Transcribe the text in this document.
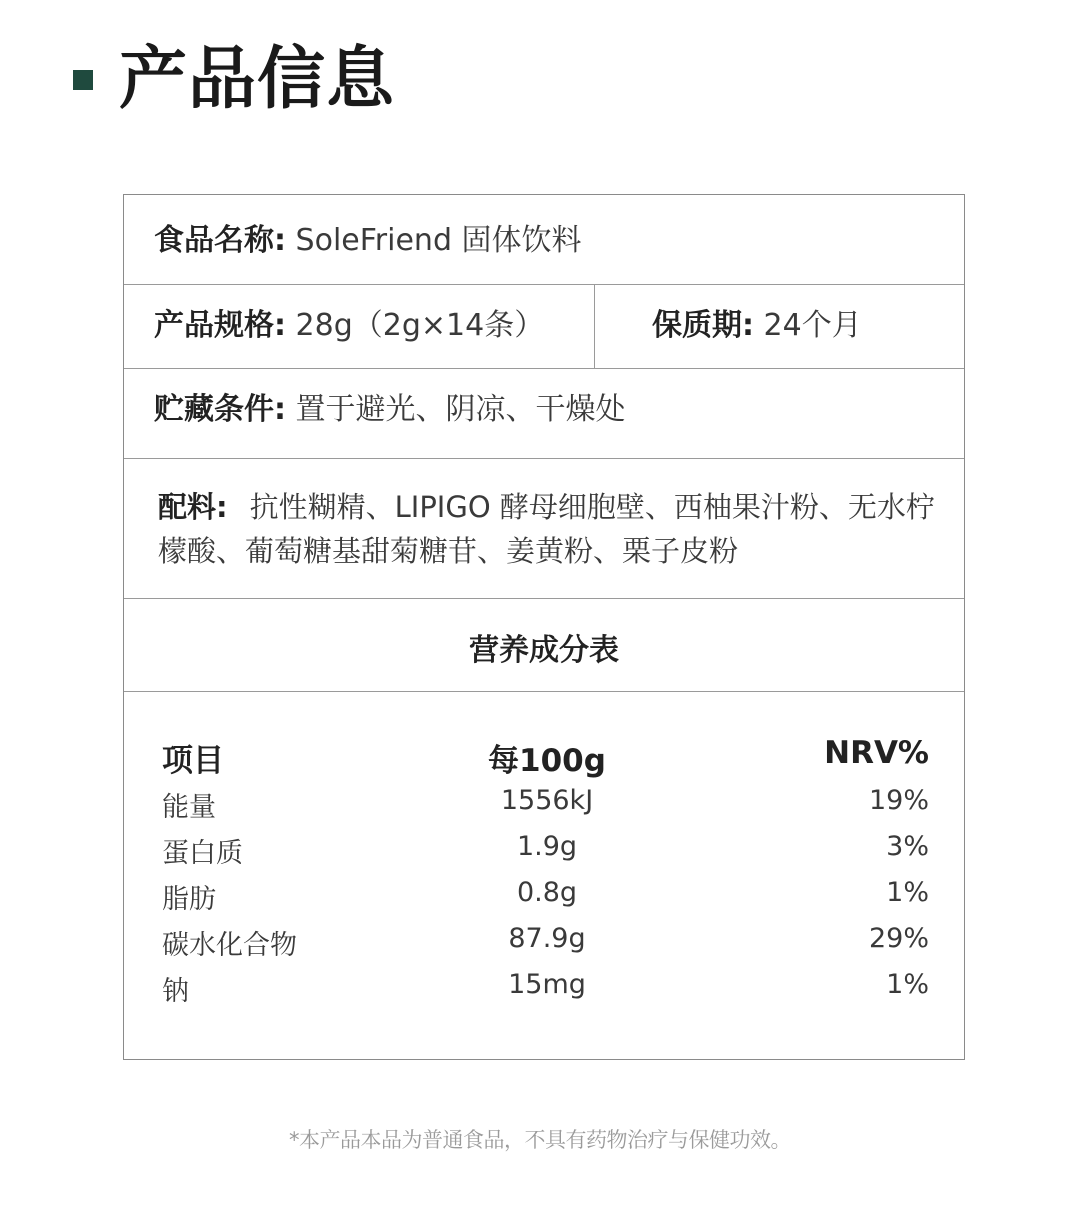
产品信息
食品名称: SoleFriend 固体饮料
产品规格: 28g（2g×14条）	保质期: 24个月
贮藏条件: 置于避光、阴凉、干燥处
配料: 抗性糊精、LIPIGO 酵母细胞壁、西柚果汁粉、无水柠檬酸、葡萄糖基甜菊糖苷、姜黄粉、栗子皮粉
营养成分表
项目	每100g	NRV%
能量	1556kJ	19%
蛋白质	1.9g	3%
脂肪	0.8g	1%
碳水化合物	87.9g	29%
钠	15mg	1%
*本产品本品为普通食品，不具有药物治疗与保健功效。
